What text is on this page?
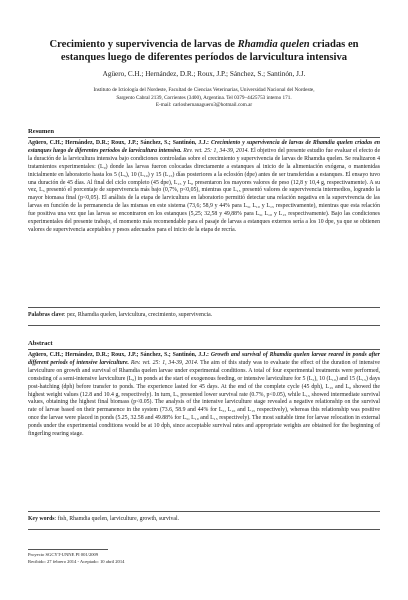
Crecimiento y supervivencia de larvas de Rhamdia quelen criadas en
estanques luego de diferentes períodos de larvicultura intensiva
Agüero, C.H.; Hernández, D.R.; Roux, J.P.; Sánchez, S.; Santinón, J.J.
Instituto de Ictiología del Nordeste, Facultad de Ciencias Veterinarias, Universidad Nacional del Nordeste,
Sargento Cabral 2139, Corrientes (3400), Argentina. Tel 0379–4425753 interno 171.
E-mail: carloshernanaguero3@hotmail.com.ar
Resumen
Agüero, C.H.; Hernández, D.R.; Roux, J.P.; Sánchez, S.; Santinón, J.J.: Crecimiento y supervivencia de larvas de Rhamdia quelen criadas en estanques luego de diferentes períodos de larvicultura intensiva. Rev. vet. 25: 1, 34-39, 2014. El objetivo del presente estudio fue evaluar el efecto de la duración de la larvicultura intensiva bajo condiciones controladas sobre el crecimiento y supervivencia de larvas de Rhamdia quelen. Se realizaron 4 tratamientos experimentales: (L₀) donde las larvas fueron colocadas directamente a estanques al inicio de la alimentación exógena, o mantenidas inicialmente en laboratorio hasta los 5 (L₅), 10 (L₁₀) y 15 (L₁₅) días posteriores a la eclosión (dpe) antes de ser transferidas a estanques. El ensayo tuvo una duración de 45 días. Al final del ciclo completo (45 dpe), L₁₅ y L₀ presentaron los mayores valores de peso (12,8 y 10,4 g, respectivamente). A su vez, L₅ presentó el porcentaje de supervivencia más bajo (0,7%, p<0,05), mientras que L₁₅ presentó valores de supervivencia intermedios, logrando la mayor biomasa final (p<0,05). El análisis de la etapa de larvicultura en laboratorio permitió detectar una relación negativa en la supervivencia de las larvas en función de la permanencia de las mismas en este sistema (73,6; 58,9 y 44% para L₅, L₁₀ y L₁₅ respectivamente), mientras que esta relación fue positiva una vez que las larvas se encontraron en los estanques (5,25; 32,58 y 49,88% para L₅, L₁₀ y L₁₅ respectivamente). Bajo las condiciones experimentales del presente trabajo, el momento más recomendable para el pasaje de larvas a estanques externos sería a los 10 dpe, ya que se obtienen valores de supervivencia aceptables y pesos adecuados para el inicio de la etapa de recría.
Palabras clave: pez, Rhamdia quelen, larvicultura, crecimiento, supervivencia.
Abstract
Agüero, C.H.; Hernández, D.R.; Roux, J.P.; Sánchez, S.; Santinón, J.J.: Growth and survival of Rhamdia quelen larvae reared in ponds after different periods of intensive larviculture. Rev. vet. 25: 1, 34-39, 2014. The aim of this study was to evaluate the effect of the duration of intensive larviculture on growth and survival of Rhamdia quelen larvae under experimental conditions. A total of four experimental treatments were performed, consisting of a semi-intensive larviculture (L₀) in ponds at the start of exogenous feeding, or intensive larviculture for 5 (L₅), 10 (L₁₀) and 15 (L₁₅) days post-hatching (dph) before transfer to ponds. The experience lasted for 45 days. At the end of the complete cycle (45 dph), L₁₅ and L₀ showed the highest weight values (12.8 and 10.4 g, respectively). In turn, L₅ presented lower survival rate (0.7%, p<0.05), while L₁₅ showed intermediate survival values, obtaining the highest final biomass (p<0.05). The analysis of the intensive larviculture stage revealed a negative relationship on the survival rate of larvae based on their permanence in the system (73.6, 58.9 and 44% for L₅, L₁₀ and L₁₅ respectively), whereas this relationship was positive once the larvae were placed in ponds (5.25, 32.58 and 49.88% for L₅, L₁₀ and L₁₅ respectively). The most suitable time for larvae relocation in external ponds under the experimental conditions would be at 10 dph, since acceptable survival rates and appropriate weights are obtained for the beginning of fingerling rearing stage.
Key words: fish, Rhamdia quelen, larviculture, growth, survival.
Proyecto SGCYT-UNNE PI 001/2009
Recibido: 27 febrero 2014 - Aceptado: 10 abril 2014
